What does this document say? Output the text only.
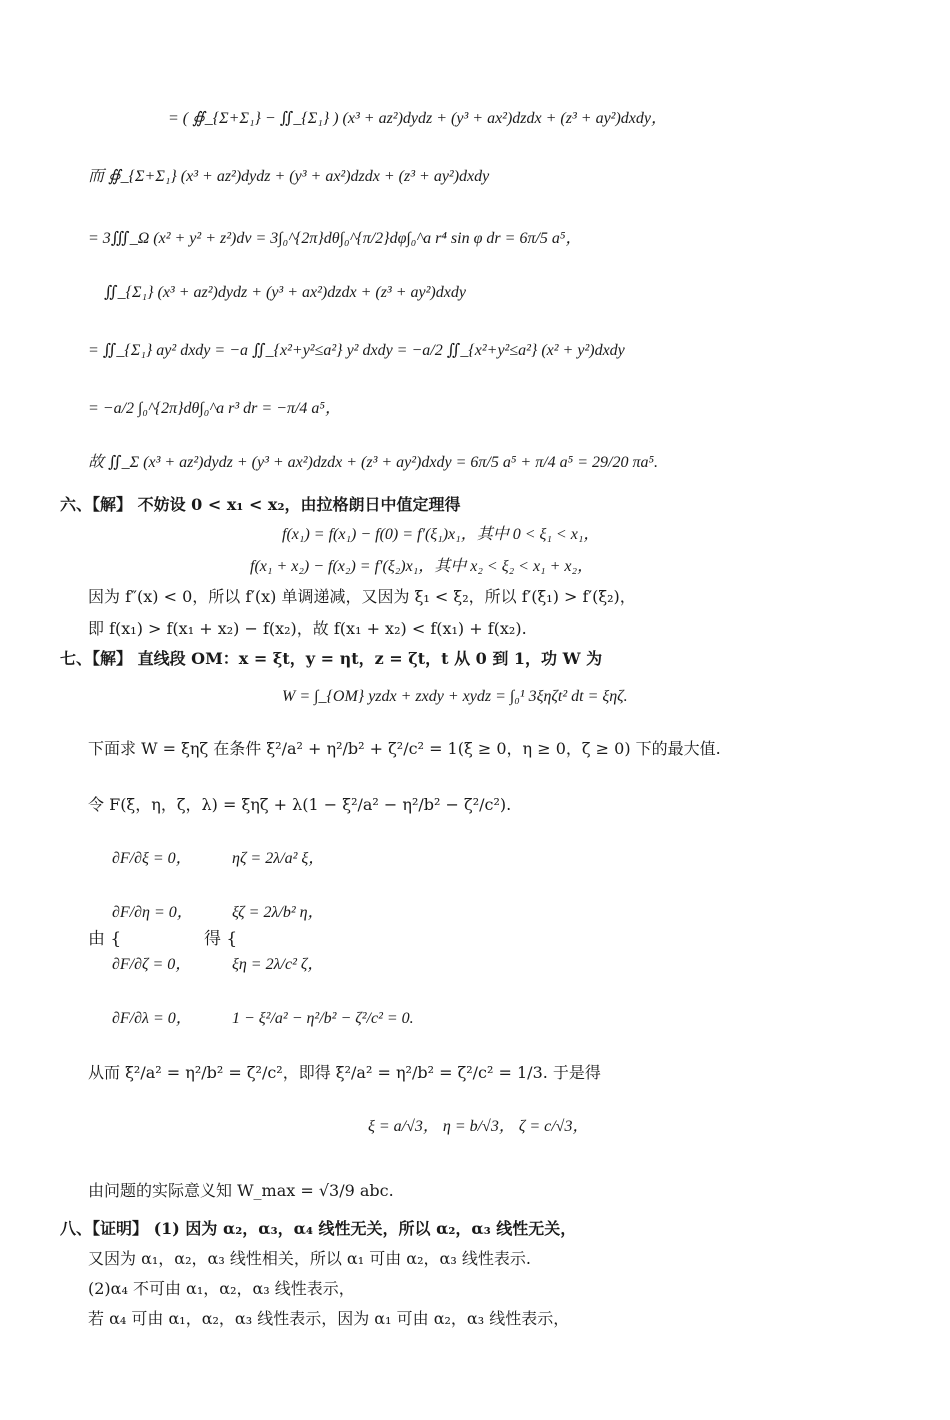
= ( ∯_{Σ+Σ₁} − ∬_{Σ₁} ) (x³ + az²)dydz + (y³ + ax²)dzdx + (z³ + ay²)dxdy，
而 ∯_{Σ+Σ₁} (x³ + az²)dydz + (y³ + ax²)dzdx + (z³ + ay²)dxdy
= 3∭_Ω (x² + y² + z²)dv = 3∫₀^{2π}dθ∫₀^{π/2}dφ∫₀^a r⁴ sin φ dr = 6π/5 a⁵，
∬_{Σ₁} (x³ + az²)dydz + (y³ + ax²)dzdx + (z³ + ay²)dxdy
= ∬_{Σ₁} ay² dxdy = −a ∬_{x²+y²≤a²} y² dxdy = −a/2 ∬_{x²+y²≤a²} (x² + y²)dxdy
= −a/2 ∫₀^{2π}dθ∫₀^a r³ dr = −π/4 a⁵，
故 ∬_Σ (x³ + az²)dydz + (y³ + ax²)dzdx + (z³ + ay²)dxdy = 6π/5 a⁵ + π/4 a⁵ = 29/20 πa⁵.
六、【解】 不妨设 0 < x₁ < x₂，由拉格朗日中值定理得
f(x₁) = f(x₁) − f(0) = f′(ξ₁)x₁，其中 0 < ξ₁ < x₁，
f(x₁ + x₂) − f(x₂) = f′(ξ₂)x₁，其中 x₂ < ξ₂ < x₁ + x₂，
因为 f″(x) < 0，所以 f′(x) 单调递减，又因为 ξ₁ < ξ₂，所以 f′(ξ₁) > f′(ξ₂)，
即 f(x₁) > f(x₁ + x₂) − f(x₂)，故 f(x₁ + x₂) < f(x₁) + f(x₂).
七、【解】 直线段 OM：x = ξt，y = ηt，z = ζt，t 从 0 到 1，功 W 为
W = ∫_{OM} yzdx + zxdy + xydz = ∫₀¹ 3ξηζt² dt = ξηζ.
下面求 W = ξηζ 在条件 ξ²/a² + η²/b² + ζ²/c² = 1(ξ ≥ 0，η ≥ 0，ζ ≥ 0) 下的最大值.
令 F(ξ，η，ζ，λ) = ξηζ + λ(1 − ξ²/a² − η²/b² − ζ²/c²).
∂F/∂ξ = 0，	ηζ = 2λ/a² ξ，
∂F/∂η = 0， ξζ = 2λ/b² η，
由 {	得 {
∂F/∂ζ = 0，	ξη = 2λ/c² ζ，
∂F/∂λ = 0，	1 − ξ²/a² − η²/b² − ζ²/c² = 0.
从而 ξ²/a² = η²/b² = ζ²/c²，即得 ξ²/a² = η²/b² = ζ²/c² = 1/3. 于是得
ξ = a/√3， η = b/√3， ζ = c/√3，
由问题的实际意义知 W_max = √3/9 abc.
八、【证明】 (1) 因为 α₂，α₃，α₄ 线性无关，所以 α₂，α₃ 线性无关，
又因为 α₁，α₂，α₃ 线性相关，所以 α₁ 可由 α₂，α₃ 线性表示.
(2)α₄ 不可由 α₁，α₂，α₃ 线性表示，
若 α₄ 可由 α₁，α₂，α₃ 线性表示，因为 α₁ 可由 α₂，α₃ 线性表示，
